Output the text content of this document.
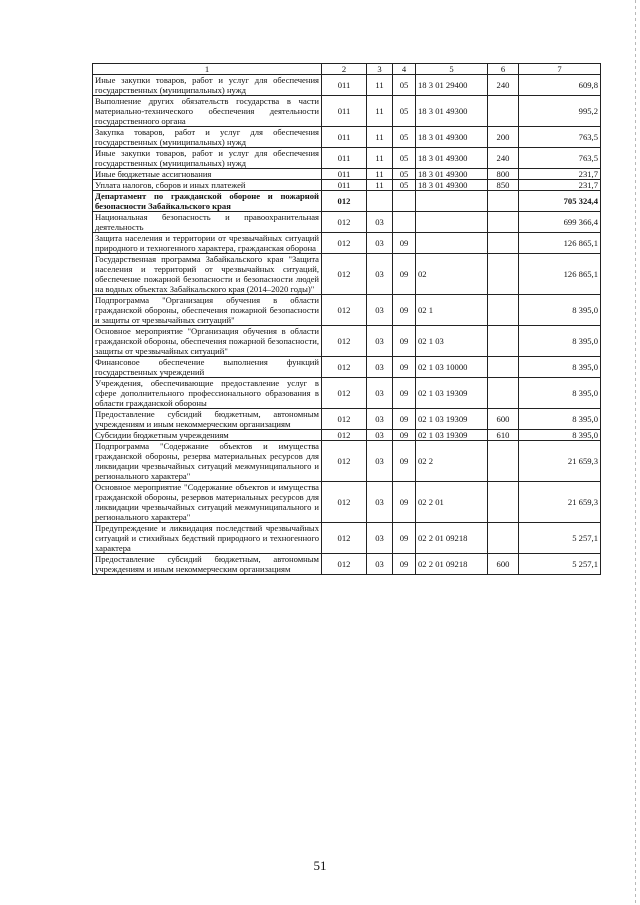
1	2	3	4	5	6	7
Иные закупки товаров, работ и услуг для обеспечения государственных (муниципальных) нужд	011	11	05	18 3 01 29400	240	609,8
Выполнение других обязательств государства в части материально-технического обеспечения деятельности государственного органа	011	11	05	18 3 01 49300		995,2
Закупка товаров, работ и услуг для обеспечения государственных (муниципальных) нужд	011	11	05	18 3 01 49300	200	763,5
Иные закупки товаров, работ и услуг для обеспечения государственных (муниципальных) нужд	011	11	05	18 3 01 49300	240	763,5
Иные бюджетные ассигнования	011	11	05	18 3 01 49300	800	231,7
Уплата налогов, сборов и иных платежей	011	11	05	18 3 01 49300	850	231,7
Департамент по гражданской обороне и пожарной безопасности Забайкальского края	012					705 324,4
Национальная безопасность и правоохранительная деятельность	012	03				699 366,4
Защита населения и территории от чрезвычайных ситуаций природного и техногенного характера, гражданская оборона	012	03	09			126 865,1
Государственная программа Забайкальского края "Защита населения и территорий от чрезвычайных ситуаций, обеспечение пожарной безопасности и безопасности людей на водных объектах Забайкальского края (2014–2020 годы)"	012	03	09	02		126 865,1
Подпрограмма "Организация обучения в области гражданской обороны, обеспечения пожарной безопасности и защиты от чрезвычайных ситуаций"	012	03	09	02 1		8 395,0
Основное мероприятие "Организация обучения в области гражданской обороны, обеспечения пожарной безопасности, защиты от чрезвычайных ситуаций"	012	03	09	02 1 03		8 395,0
Финансовое обеспечение выполнения функций государственных учреждений	012	03	09	02 1 03 10000		8 395,0
Учреждения, обеспечивающие предоставление услуг в сфере дополнительного профессионального образования в области гражданской обороны	012	03	09	02 1 03 19309		8 395,0
Предоставление субсидий бюджетным, автономным учреждениям и иным некоммерческим организациям	012	03	09	02 1 03 19309	600	8 395,0
Субсидии бюджетным учреждениям	012	03	09	02 1 03 19309	610	8 395,0
Подпрограмма "Содержание объектов и имущества гражданской обороны, резерва материальных ресурсов для ликвидации чрезвычайных ситуаций межмуниципального и регионального характера"	012	03	09	02 2		21 659,3
Основное мероприятие "Содержание объектов и имущества гражданской обороны, резервов материальных ресурсов для ликвидации чрезвычайных ситуаций межмуниципального и регионального характера"	012	03	09	02 2 01		21 659,3
Предупреждение и ликвидация последствий чрезвычайных ситуаций и стихийных бедствий природного и техногенного характера	012	03	09	02 2 01 09218		5 257,1
Предоставление субсидий бюджетным, автономным учреждениям и иным некоммерческим организациям	012	03	09	02 2 01 09218	600	5 257,1
51
